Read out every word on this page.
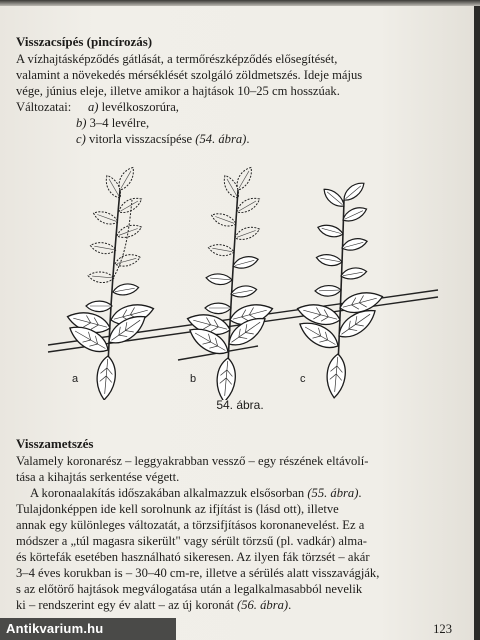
Visszacsípés (pincírozás)
A vízhajtásképződés gátlását, a termőrészképződés elősegítését,
valamint a növekedés mérséklését szolgáló zöldmetszés. Ideje május
vége, június eleje, illetve amikor a hajtások 10–25 cm hosszúak.
Változatai: a) levélkoszorúra,
b) 3–4 levélre,
c) vitorla visszacsípése (54. ábra).
a	b	c
54. ábra.
Visszametszés
Valamely koronarész – leggyakrabban vessző – egy részének eltávolí-
tása a kihajtás serkentése végett.
A koronaalakítás időszakában alkalmazzuk elsősorban (55. ábra).
Tulajdonképpen ide kell sorolnunk az ifjítást is (lásd ott), illetve
annak egy különleges változatát, a törzsifjításos koronanevelést. Ez a
módszer a „túl magasra sikerült" vagy sérült törzsű (pl. vadkár) alma-
és körtefák esetében használható sikeresen. Az ilyen fák törzsét – akár
3–4 éves korukban is – 30–40 cm-re, illetve a sérülés alatt visszavágják,
s az előtörő hajtások megválogatása után a legalkalmasabból nevelik
ki – rendszerint egy év alatt – az új koronát (56. ábra).
123
Antikvarium.hu
